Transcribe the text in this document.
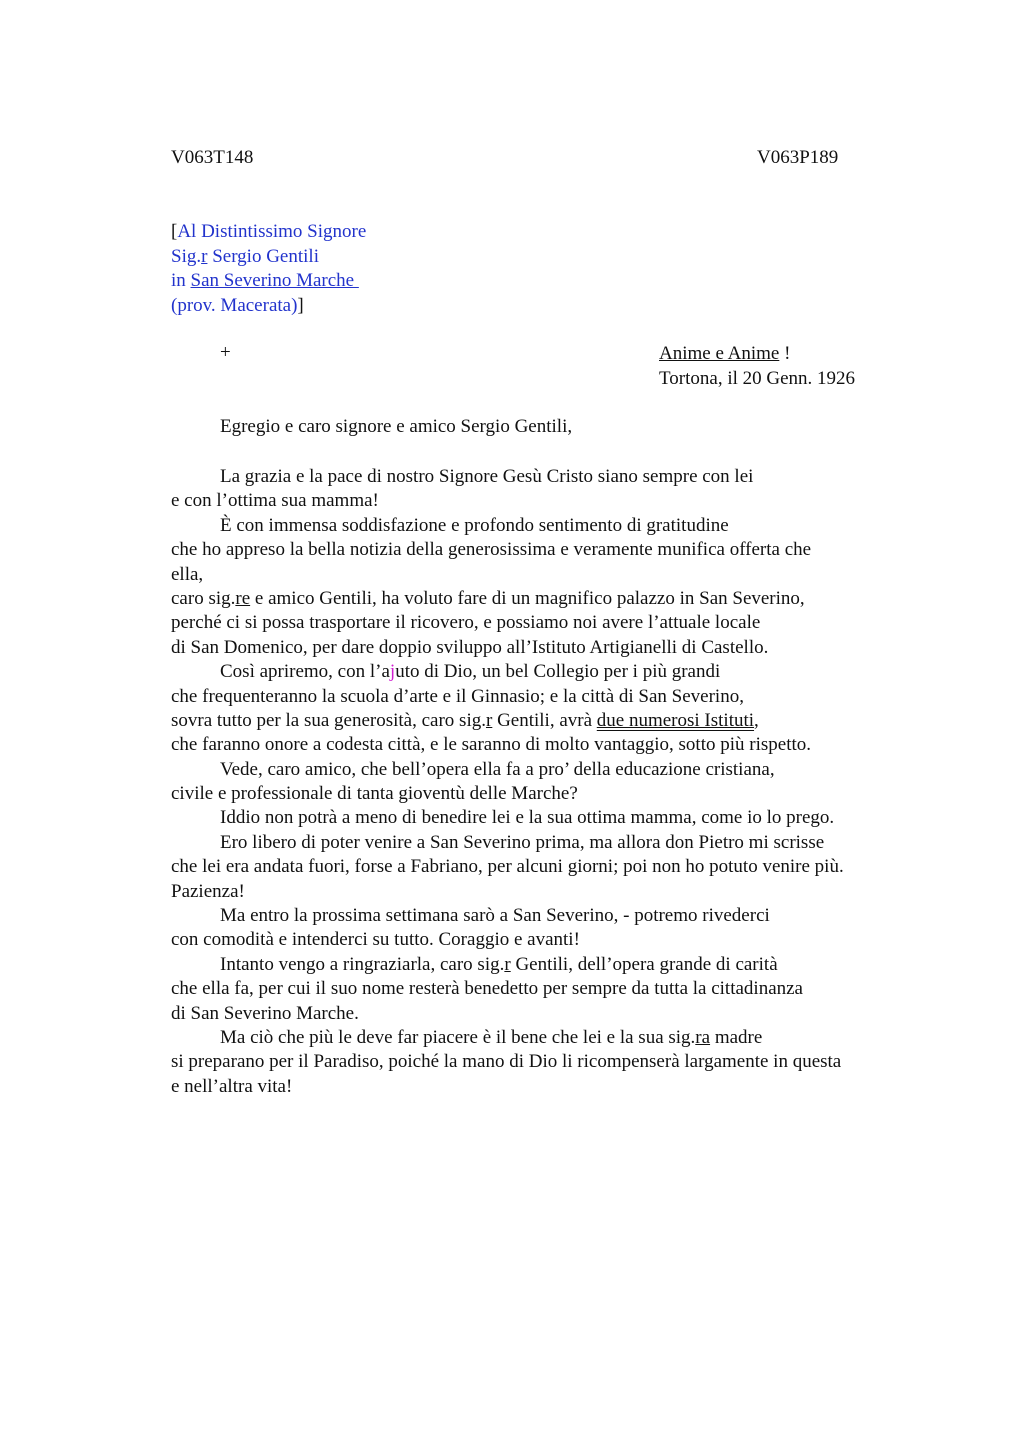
V063T148	V063P189
[Al Distintissimo Signore
Sig.r Sergio Gentili
in San Severino Marche
(prov. Macerata)]
+	Anime e Anime !
Tortona, il 20 Genn. 1926
Egregio e caro signore e amico Sergio Gentili,
La grazia e la pace di nostro Signore Gesù Cristo siano sempre con lei
e con l’ottima sua mamma!
È con immensa soddisfazione e profondo sentimento di gratitudine
che ho appreso la bella notizia della generosissima e veramente munifica offerta che
ella,
caro sig.re e amico Gentili, ha voluto fare di un magnifico palazzo in San Severino,
perché ci si possa trasportare il ricovero, e possiamo noi avere l’attuale locale
di San Domenico, per dare doppio sviluppo all’Istituto Artigianelli di Castello.
Così apriremo, con l’ajuto di Dio, un bel Collegio per i più grandi
che frequenteranno la scuola d’arte e il Ginnasio; e la città di San Severino,
sovra tutto per la sua generosità, caro sig.r Gentili, avrà due numerosi Istituti,
che faranno onore a codesta città, e le saranno di molto vantaggio, sotto più rispetto.
Vede, caro amico, che bell’opera ella fa a pro’ della educazione cristiana,
civile e professionale di tanta gioventù delle Marche?
Iddio non potrà a meno di benedire lei e la sua ottima mamma, come io lo prego.
Ero libero di poter venire a San Severino prima, ma allora don Pietro mi scrisse
che lei era andata fuori, forse a Fabriano, per alcuni giorni; poi non ho potuto venire più.
Pazienza!
Ma entro la prossima settimana sarò a San Severino, - potremo rivederci
con comodità e intenderci su tutto. Coraggio e avanti!
Intanto vengo a ringraziarla, caro sig.r Gentili, dell’opera grande di carità
che ella fa, per cui il suo nome resterà benedetto per sempre da tutta la cittadinanza
di San Severino Marche.
Ma ciò che più le deve far piacere è il bene che lei e la sua sig.ra madre
si preparano per il Paradiso, poiché la mano di Dio li ricompenserà largamente in questa
e nell’altra vita!
